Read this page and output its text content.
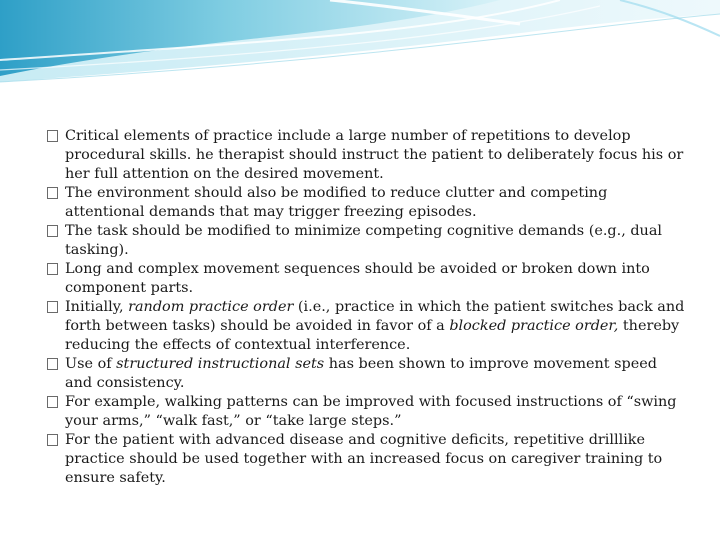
Critical elements of practice include a large number of repetitions to develop procedural skills. he therapist should instruct the patient to deliberately focus his or her full attention on the desired movement.

The environment should also be modified to reduce clutter and competing attentional demands that may trigger freezing episodes.

The task should be modified to minimize competing cognitive demands (e.g., dual tasking).

Long and complex movement sequences should be avoided or broken down into component parts.

Initially, random practice order (i.e., practice in which the patient switches back and forth between tasks) should be avoided in favor of a blocked practice order, thereby reducing the effects of contextual interference.

Use of structured instructional sets has been shown to improve movement speed and consistency.

For example, walking patterns can be improved with focused instructions of “swing your arms,” “walk fast,” or “take large steps.”

For the patient with advanced disease and cognitive deficits, repetitive drilllike practice should be used together with an increased focus on caregiver training to ensure safety.
